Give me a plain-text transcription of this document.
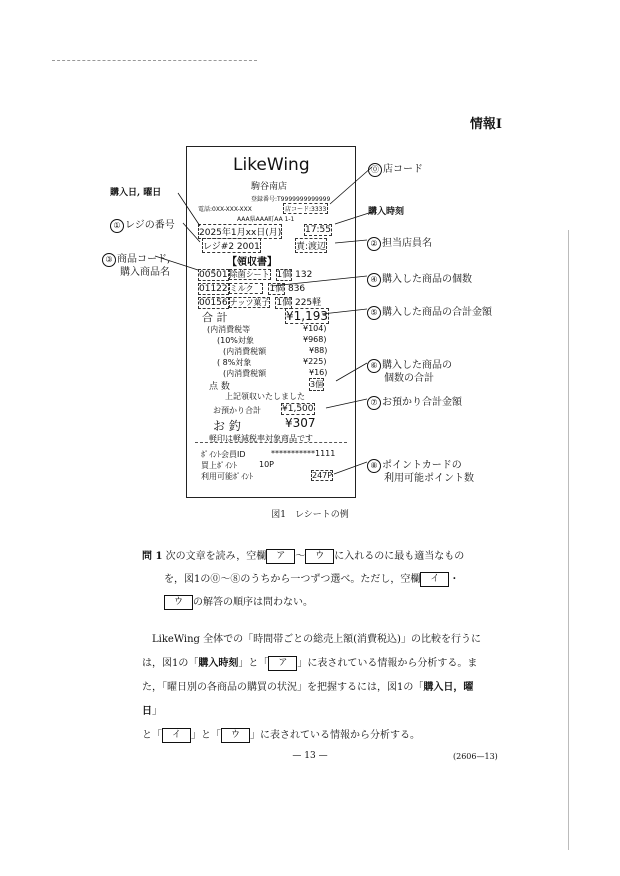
情報Ⅰ
LikeWing
駒谷南店
登録番号:T9999999999999
電話:0XX-XXX-XXX	店コード:3333
AAA県AAA町AA 1-1
2025年1月xx日(月)	17:55
レジ#2 2001	責:渡辺
【領収書】
00501 除菌シート 1個 132
01122 ミルク 1個 836
00156 ナッツ菓子 1個 225軽
合 計	¥1,193
(内消費税等	¥104)
(10%対象	¥968)
(内消費税額	¥88)
( 8%対象	¥225)
(内消費税額	¥16)
点 数	3個
上記領収いたしました
お預かり合計 ¥1,500
お 釣	¥307
軽印は軽減税率対象商品です
ﾎﾟｲﾝﾄ会員ID	***********1111
買上ﾎﾟｲﾝﾄ	10P
利用可能ﾎﾟｲﾝﾄ	247P
購入日, 曜日
⓪ 店コード
購入時刻
① レジの番号
② 担当店員名
③ 商品コード,
購入商品名
④ 購入した商品の個数
⑤ 購入した商品の合計金額
⑥ 購入した商品の
個数の合計
⑦ お預かり合計金額
⑧ ポイントカードの
利用可能ポイント数
図1　レシートの例
問 1 次の文章を読み，空欄 ア 〜 ウ に入れるのに最も適当なもの
を，図1の⓪〜⑧のうちから一つずつ選べ。ただし，空欄 イ ・
ウ の解答の順序は問わない。
LikeWing 全体での「時間帯ごとの総売上額(消費税込)」の比較を行うに
は，図1の「購入時刻」と「 ア 」に表されている情報から分析する。ま
た，「曜日別の各商品の購買の状況」を把握するには，図1の「購入日，曜日」
と「 イ 」と「 ウ 」に表されている情報から分析する。
— 13 —	(2606—13)
